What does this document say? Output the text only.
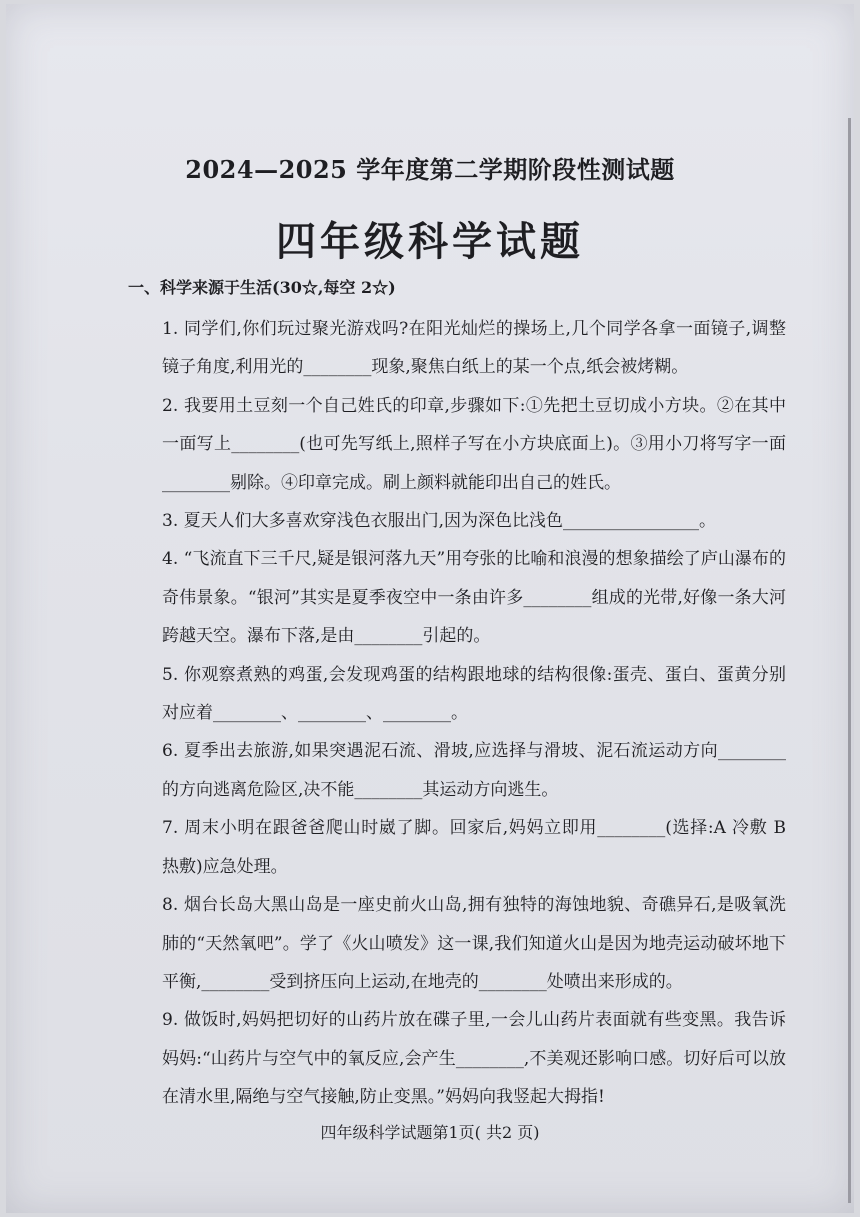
2024—2025 学年度第二学期阶段性测试题
四年级科学试题
一、科学来源于生活(30☆,每空 2☆)
1. 同学们,你们玩过聚光游戏吗?在阳光灿烂的操场上,几个同学各拿一面镜子,调整镜子角度,利用光的________现象,聚焦白纸上的某一个点,纸会被烤糊。
2. 我要用土豆刻一个自己姓氏的印章,步骤如下:①先把土豆切成小方块。②在其中一面写上________(也可先写纸上,照样子写在小方块底面上)。③用小刀将写字一面________剔除。④印章完成。刷上颜料就能印出自己的姓氏。
3. 夏天人们大多喜欢穿浅色衣服出门,因为深色比浅色________________。
4. “飞流直下三千尺,疑是银河落九天”用夸张的比喻和浪漫的想象描绘了庐山瀑布的奇伟景象。“银河”其实是夏季夜空中一条由许多________组成的光带,好像一条大河跨越天空。瀑布下落,是由________引起的。
5. 你观察煮熟的鸡蛋,会发现鸡蛋的结构跟地球的结构很像:蛋壳、蛋白、蛋黄分别对应着________、________、________。
6. 夏季出去旅游,如果突遇泥石流、滑坡,应选择与滑坡、泥石流运动方向________的方向逃离危险区,决不能________其运动方向逃生。
7. 周末小明在跟爸爸爬山时崴了脚。回家后,妈妈立即用________(选择:A 冷敷 B 热敷)应急处理。
8. 烟台长岛大黑山岛是一座史前火山岛,拥有独特的海蚀地貌、奇礁异石,是吸氧洗肺的“天然氧吧”。学了《火山喷发》这一课,我们知道火山是因为地壳运动破坏地下平衡,________受到挤压向上运动,在地壳的________处喷出来形成的。
9. 做饭时,妈妈把切好的山药片放在碟子里,一会儿山药片表面就有些变黑。我告诉妈妈:“山药片与空气中的氧反应,会产生________,不美观还影响口感。切好后可以放在清水里,隔绝与空气接触,防止变黑。”妈妈向我竖起大拇指!
四年级科学试题第1页( 共2 页)
